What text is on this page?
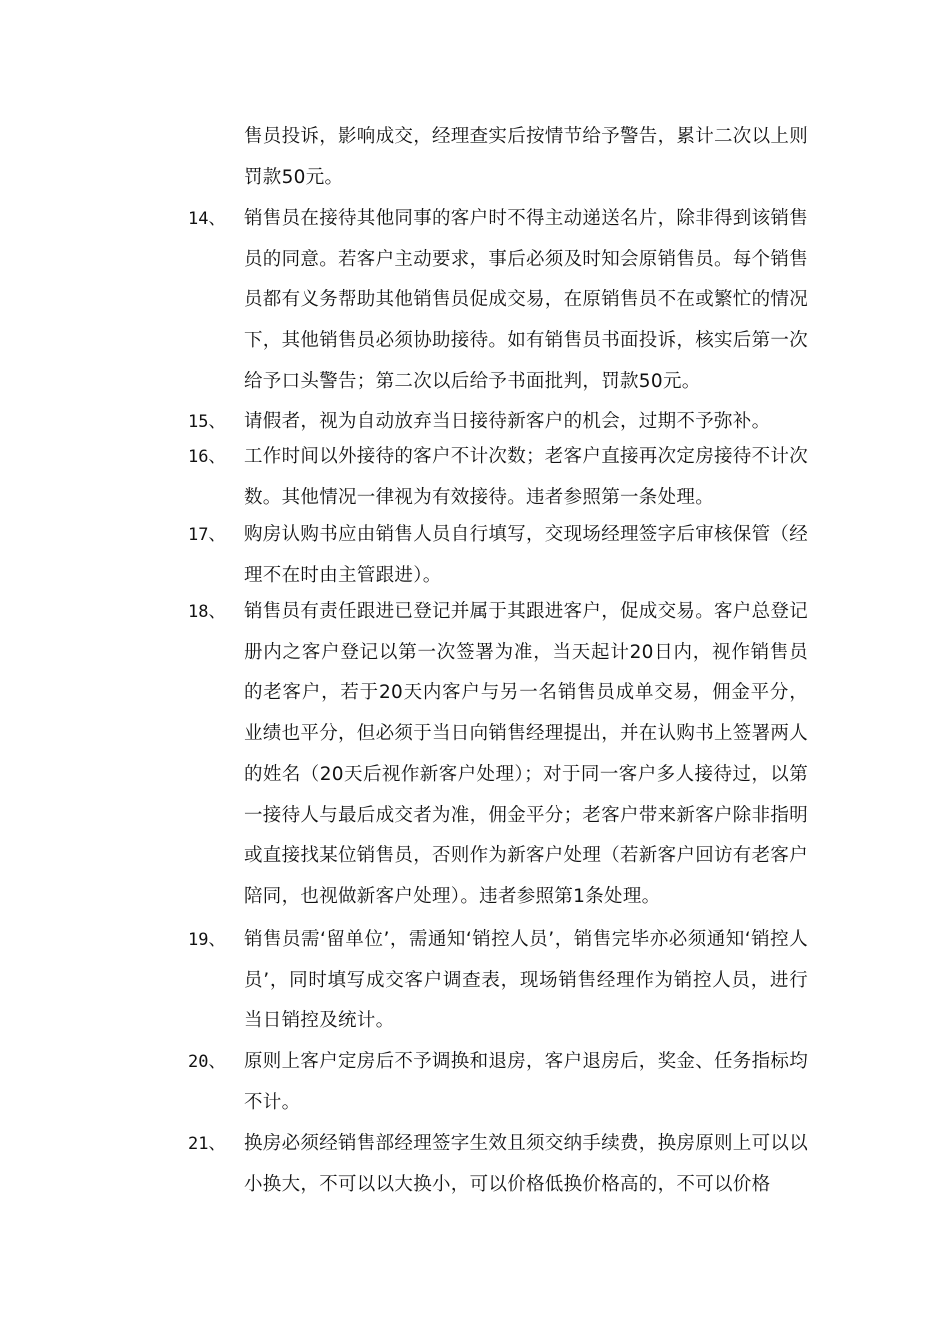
售员投诉，影响成交，经理查实后按情节给予警告，累计二次以上则罚款50元。

14、 销售员在接待其他同事的客户时不得主动递送名片，除非得到该销售员的同意。若客户主动要求，事后必须及时知会原销售员。每个销售员都有义务帮助其他销售员促成交易，在原销售员不在或繁忙的情况下，其他销售员必须协助接待。如有销售员书面投诉，核实后第一次给予口头警告；第二次以后给予书面批判，罚款50元。

15、 请假者，视为自动放弃当日接待新客户的机会，过期不予弥补。

16、 工作时间以外接待的客户不计次数；老客户直接再次定房接待不计次数。其他情况一律视为有效接待。违者参照第一条处理。

17、 购房认购书应由销售人员自行填写，交现场经理签字后审核保管（经理不在时由主管跟进）。

18、 销售员有责任跟进已登记并属于其跟进客户，促成交易。客户总登记册内之客户登记以第一次签署为准，当天起计20日内，视作销售员的老客户，若于20天内客户与另一名销售员成单交易，佣金平分，业绩也平分，但必须于当日向销售经理提出，并在认购书上签署两人的姓名（20天后视作新客户处理）；对于同一客户多人接待过，以第一接待人与最后成交者为准，佣金平分；老客户带来新客户除非指明或直接找某位销售员，否则作为新客户处理（若新客户回访有老客户陪同，也视做新客户处理）。违者参照第1条处理。

19、 销售员需‘留单位’，需通知‘销控人员’，销售完毕亦必须通知‘销控人员’，同时填写成交客户调查表，现场销售经理作为销控人员，进行当日销控及统计。

20、 原则上客户定房后不予调换和退房，客户退房后，奖金、任务指标均不计。

21、 换房必须经销售部经理签字生效且须交纳手续费，换房原则上可以以小换大，不可以以大换小，可以价格低换价格高的，不可以价格
